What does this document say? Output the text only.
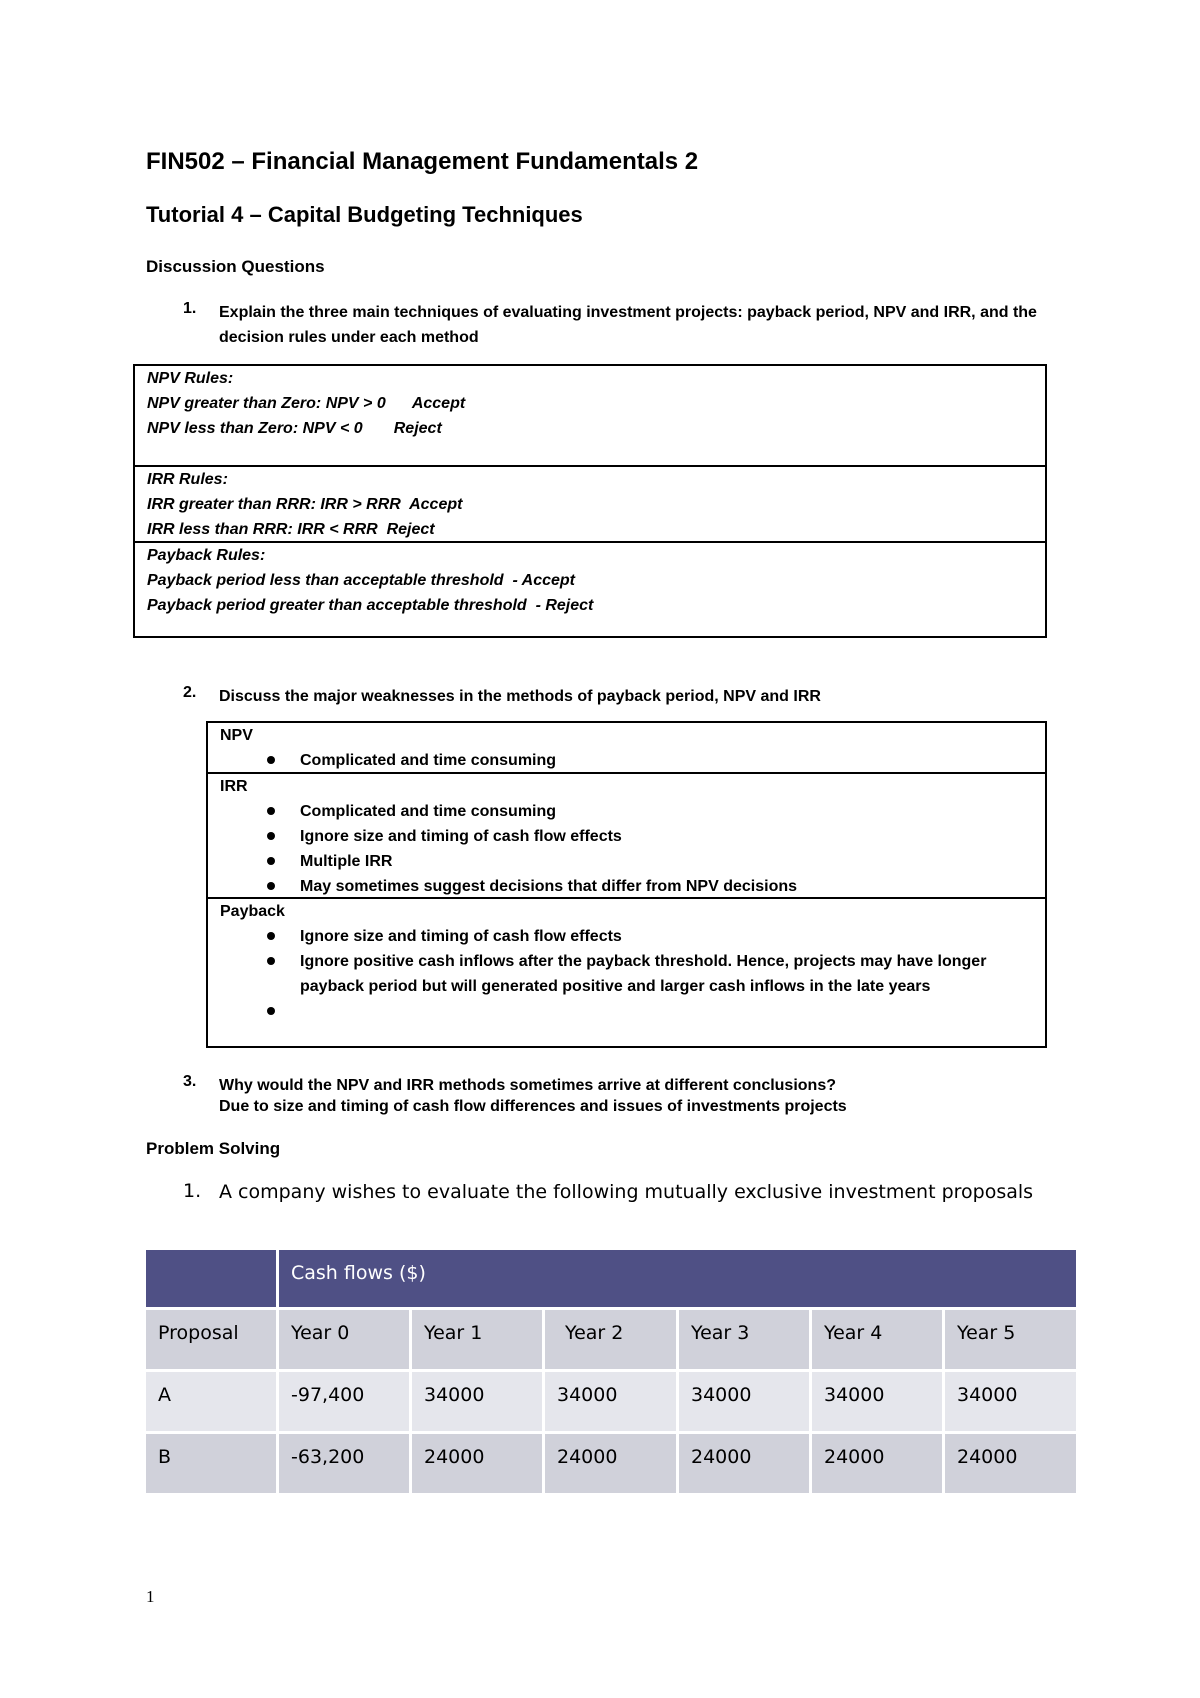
FIN502 – Financial Management Fundamentals 2
Tutorial 4 – Capital Budgeting Techniques
Discussion Questions
1. Explain the three main techniques of evaluating investment projects: payback period, NPV and IRR, and the decision rules under each method
NPV Rules:
NPV greater than Zero: NPV > 0      Accept
NPV less than Zero: NPV < 0       Reject
IRR Rules:
IRR greater than RRR: IRR > RRR  Accept
IRR less than RRR: IRR < RRR  Reject
Payback Rules:
Payback period less than acceptable threshold  - Accept
Payback period greater than acceptable threshold  - Reject
2. Discuss the major weaknesses in the methods of payback period, NPV and IRR
NPV
Complicated and time consuming
IRR
Complicated and time consuming
Ignore size and timing of cash flow effects
Multiple IRR
May sometimes suggest decisions that differ from NPV decisions
Payback
Ignore size and timing of cash flow effects
Ignore positive cash inflows after the payback threshold. Hence, projects may have longer payback period but will generated positive and larger cash inflows in the late years
3. Why would the NPV and IRR methods sometimes arrive at different conclusions?
Due to size and timing of cash flow differences and issues of investments projects
Problem Solving
1. A company wishes to evaluate the following mutually exclusive investment proposals
	Cash flows ($)					
Proposal	Year 0	Year 1	Year 2	Year 3	Year 4	Year 5
A	-97,400	34000	34000	34000	34000	34000
B	-63,200	24000	24000	24000	24000	24000
1
